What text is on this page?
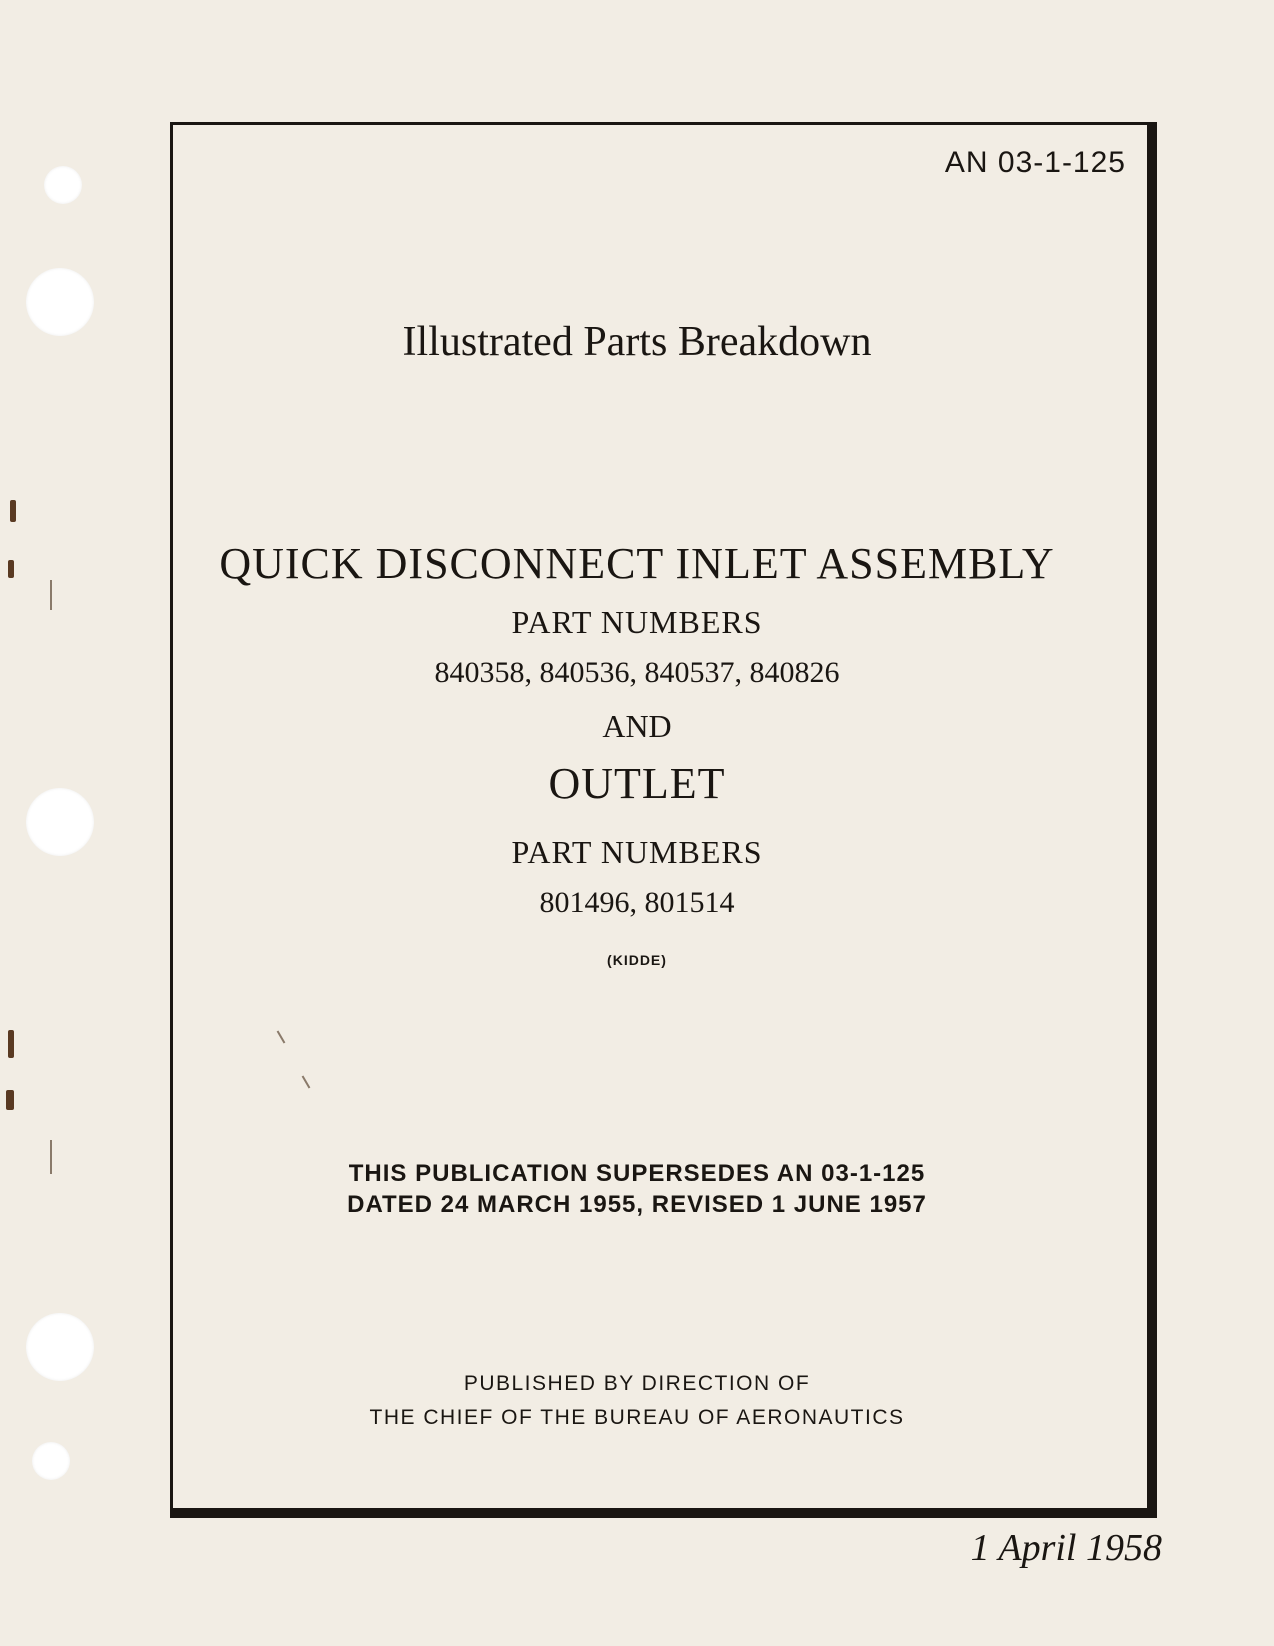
AN 03-1-125
Illustrated Parts Breakdown
QUICK DISCONNECT INLET ASSEMBLY
PART NUMBERS
840358, 840536, 840537, 840826
AND
OUTLET
PART NUMBERS
801496, 801514
(KIDDE)
THIS PUBLICATION SUPERSEDES AN 03-1-125
DATED 24 MARCH 1955, REVISED 1 JUNE 1957
PUBLISHED BY DIRECTION OF
THE CHIEF OF THE BUREAU OF AERONAUTICS
1 April 1958
